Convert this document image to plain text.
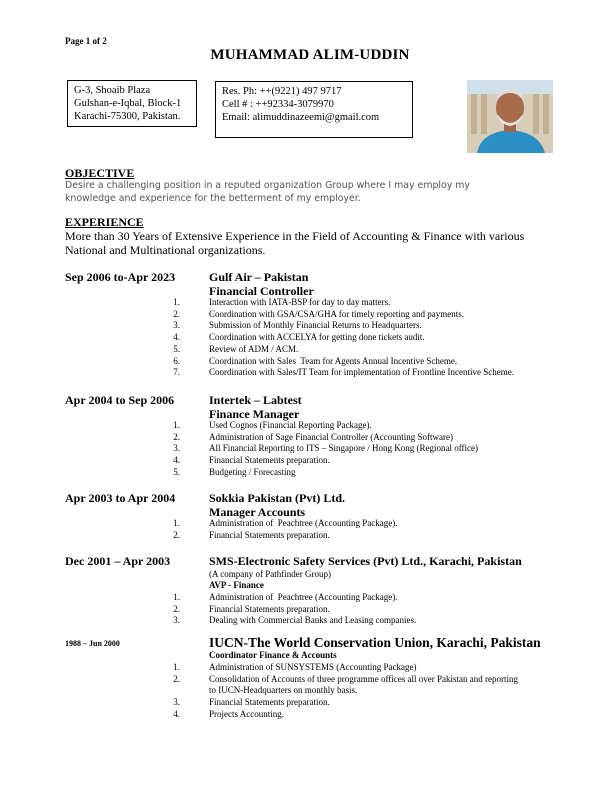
Page 1 of 2
MUHAMMAD ALIM-UDDIN
G-3, Shoaib Plaza
Gulshan-e-Iqbal, Block-1
Karachi-75300, Pakistan.
Res. Ph: ++(9221) 497 9717
Cell # : ++92334-3079970
Email: alimuddinazeemi@gmail.com
OBJECTIVE
Desire a challenging position in a reputed organization Group where I may employ my knowledge and experience for the betterment of my employer.
EXPERIENCE
More than 30 Years of Extensive Experience in the Field of Accounting & Finance with various National and Multinational organizations.
Sep 2006 to-Apr 2023	Gulf Air – Pakistan
Financial Controller
1.	Interaction with IATA-BSP for day to day matters.
2.	Coordination with GSA/CSA/GHA for timely reporting and payments.
3.	Submission of Monthly Financial Returns to Headquarters.
4.	Coordination with ACCELYA for getting done tickets audit.
5.	Review of ADM / ACM.
6.	Coordination with Sales  Team for Agents Annual Incentive Scheme.
7.	Coordination with Sales/IT Team for implementation of Frontline Incentive Scheme.
Apr 2004 to Sep 2006	Intertek – Labtest
Finance Manager
1.	Used Cognos (Financial Reporting Package).
2.	Administration of Sage Financial Controller (Accounting Software)
3.	All Financial Reporting to ITS – Singapore / Hong Kong (Regional office)
4.	Financial Statements preparation.
5.	Budgeting / Forecasting
Apr 2003 to Apr 2004	Sokkia Pakistan (Pvt) Ltd.
Manager Accounts
1.	Administration of  Peachtree (Accounting Package).
2.	Financial Statements preparation.
Dec 2001 – Apr 2003	SMS-Electronic Safety Services (Pvt) Ltd., Karachi, Pakistan
(A company of Pathfinder Group)
AVP - Finance
1.	Administration of  Peachtree (Accounting Package).
2.	Financial Statements preparation.
3.	Dealing with Commercial Banks and Leasing companies.
1988 – Jun 2000	IUCN-The World Conservation Union, Karachi, Pakistan
Coordinator Finance & Accounts
1.	Administration of SUNSYSTEMS (Accounting Package)
2.	Consolidation of Accounts of three programme offices all over Pakistan and reporting
to IUCN-Headquarters on monthly basis.
3.	Financial Statements preparation.
4.	Projects Accounting.
